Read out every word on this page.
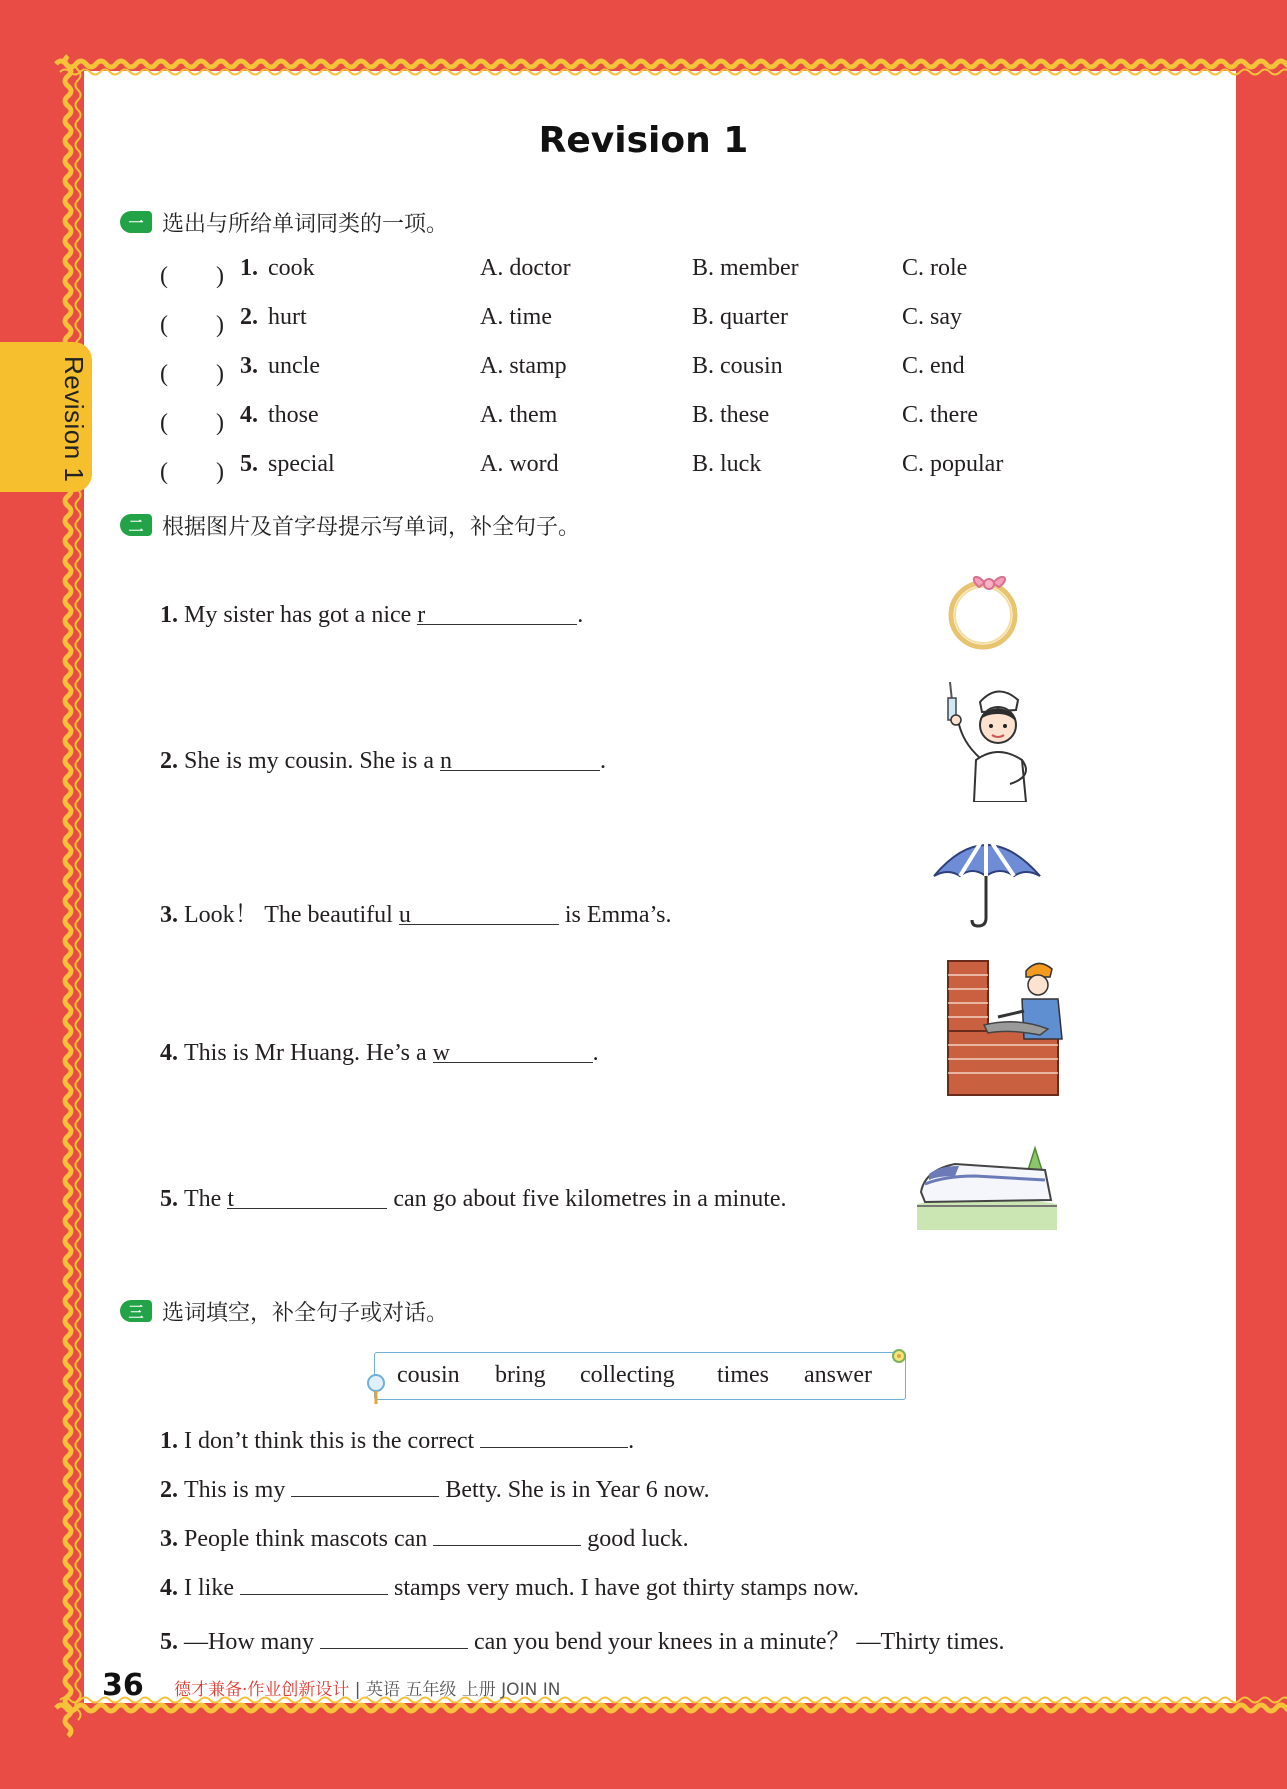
Revision 1
Revision 1
一 选出与所给单词同类的一项。
(　　) 1. cook	A. doctor	B. member	C. role
(　　) 2. hurt	A. time	B. quarter	C. say
(　　) 3. uncle	A. stamp	B. cousin	C. end
(　　) 4. those	A. them	B. these	C. there
(　　) 5. special	A. word	B. luck	C. popular
二 根据图片及首字母提示写单词，补全句子。
1. My sister has got a nice r	.
2. She is my cousin. She is a n	.
3. Look！ The beautiful u	is Emma’s.
4. This is Mr Huang. He’s a w	.
5. The t	can go about five kilometres in a minute.
三 选词填空，补全句子或对话。
cousin bring collecting times answer
1. I don’t think this is the correct	.
2. This is my	Betty. She is in Year 6 now.
3. People think mascots can	good luck.
4. I like	stamps very much. I have got thirty stamps now.
5. —How many	can you bend your knees in a minute？ —Thirty times.
36 德才兼备·作业创新设计 | 英语 五年级 上册 JOIN IN
